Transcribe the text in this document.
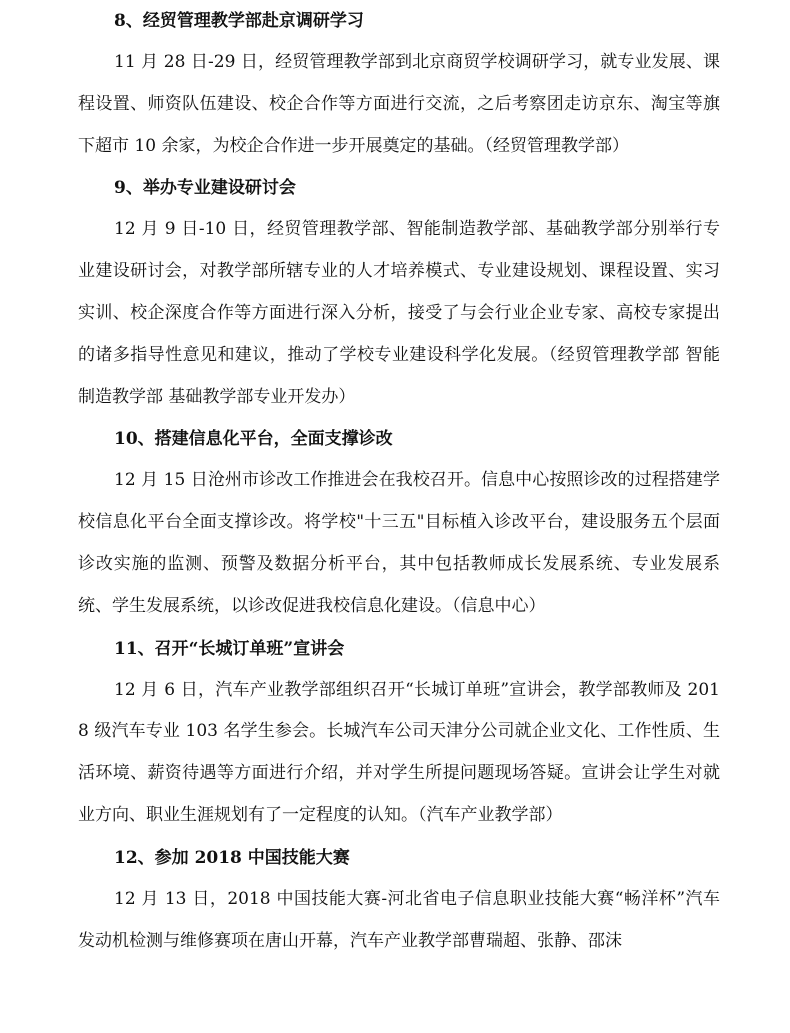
8、经贸管理教学部赴京调研学习

11 月 28 日-29 日，经贸管理教学部到北京商贸学校调研学习，就专业发展、课程设置、师资队伍建设、校企合作等方面进行交流，之后考察团走访京东、淘宝等旗下超市 10 余家，为校企合作进一步开展奠定的基础。（经贸管理教学部）

9、举办专业建设研讨会

12 月 9 日-10 日，经贸管理教学部、智能制造教学部、基础教学部分别举行专业建设研讨会，对教学部所辖专业的人才培养模式、专业建设规划、课程设置、实习实训、校企深度合作等方面进行深入分析，接受了与会行业企业专家、高校专家提出的诸多指导性意见和建议，推动了学校专业建设科学化发展。（经贸管理教学部 智能制造教学部 基础教学部专业开发办）

10、搭建信息化平台，全面支撑诊改

12 月 15 日沧州市诊改工作推进会在我校召开。信息中心按照诊改的过程搭建学校信息化平台全面支撑诊改。将学校"十三五"目标植入诊改平台，建设服务五个层面诊改实施的监测、预警及数据分析平台，其中包括教师成长发展系统、专业发展系统、学生发展系统，以诊改促进我校信息化建设。（信息中心）

11、召开“长城订单班”宣讲会

12 月 6 日，汽车产业教学部组织召开“长城订单班”宣讲会，教学部教师及 2018 级汽车专业 103 名学生参会。长城汽车公司天津分公司就企业文化、工作性质、生活环境、薪资待遇等方面进行介绍，并对学生所提问题现场答疑。宣讲会让学生对就业方向、职业生涯规划有了一定程度的认知。（汽车产业教学部）

12、参加 2018 中国技能大赛

12 月 13 日，2018 中国技能大赛-河北省电子信息职业技能大赛“畅洋杯”汽车发动机检测与维修赛项在唐山开幕，汽车产业教学部曹瑞超、张静、邵沫
